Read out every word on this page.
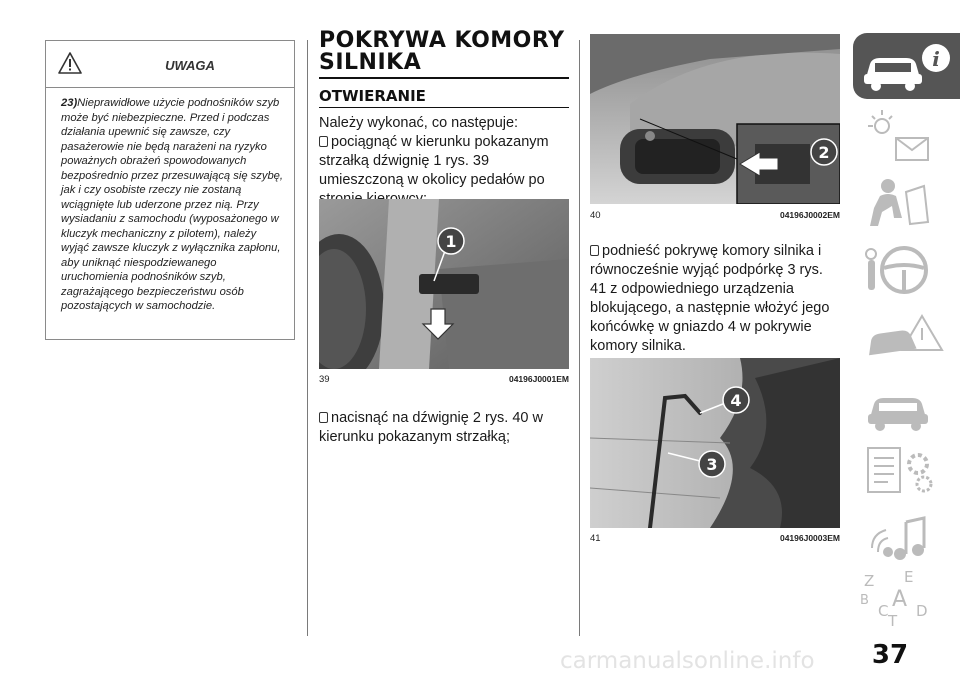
UWAGA
23)Nieprawidłowe użycie podnośników szyb może być niebezpieczne. Przed i podczas działania upewnić się zawsze, czy pasażerowie nie będą narażeni na ryzyko poważnych obrażeń spowodowanych bezpośrednio przez przesuwającą się szybę, jak i czy osobiste rzeczy nie zostaną wciągnięte lub uderzone przez nią. Przy wysiadaniu z samochodu (wyposażonego w kluczyk mechaniczny z pilotem), należy wyjąć zawsze kluczyk z wyłącznika zapłonu, aby uniknąć niespodziewanego uruchomienia podnośników szyb, zagrażającego bezpieczeństwu osób pozostających w samochodzie.
POKRYWA KOMORY
SILNIKA
OTWIERANIE

Należy wykonać, co następuje:

pociągnąć w kierunku pokazanym strzałką dźwignię 1 rys. 39 umieszczoną w okolicy pedałów po

1
39	04196J0001EM

nacisnąć na dźwignię 2 rys. 40 w kierunku pokazanym strzałką;

2
40	04196J0002EM

podnieść pokrywę komory silnika i równocześnie wyjąć podpórkę 3 rys. 41 z odpowiedniego urządzenia blokującego, a następnie włożyć jego końcówkę w gniazdo 4 w pokrywie komory silnika.

4
3
41	04196J0003EM
i
Z E
B A
C D
T
carmanualsonline.info	37
